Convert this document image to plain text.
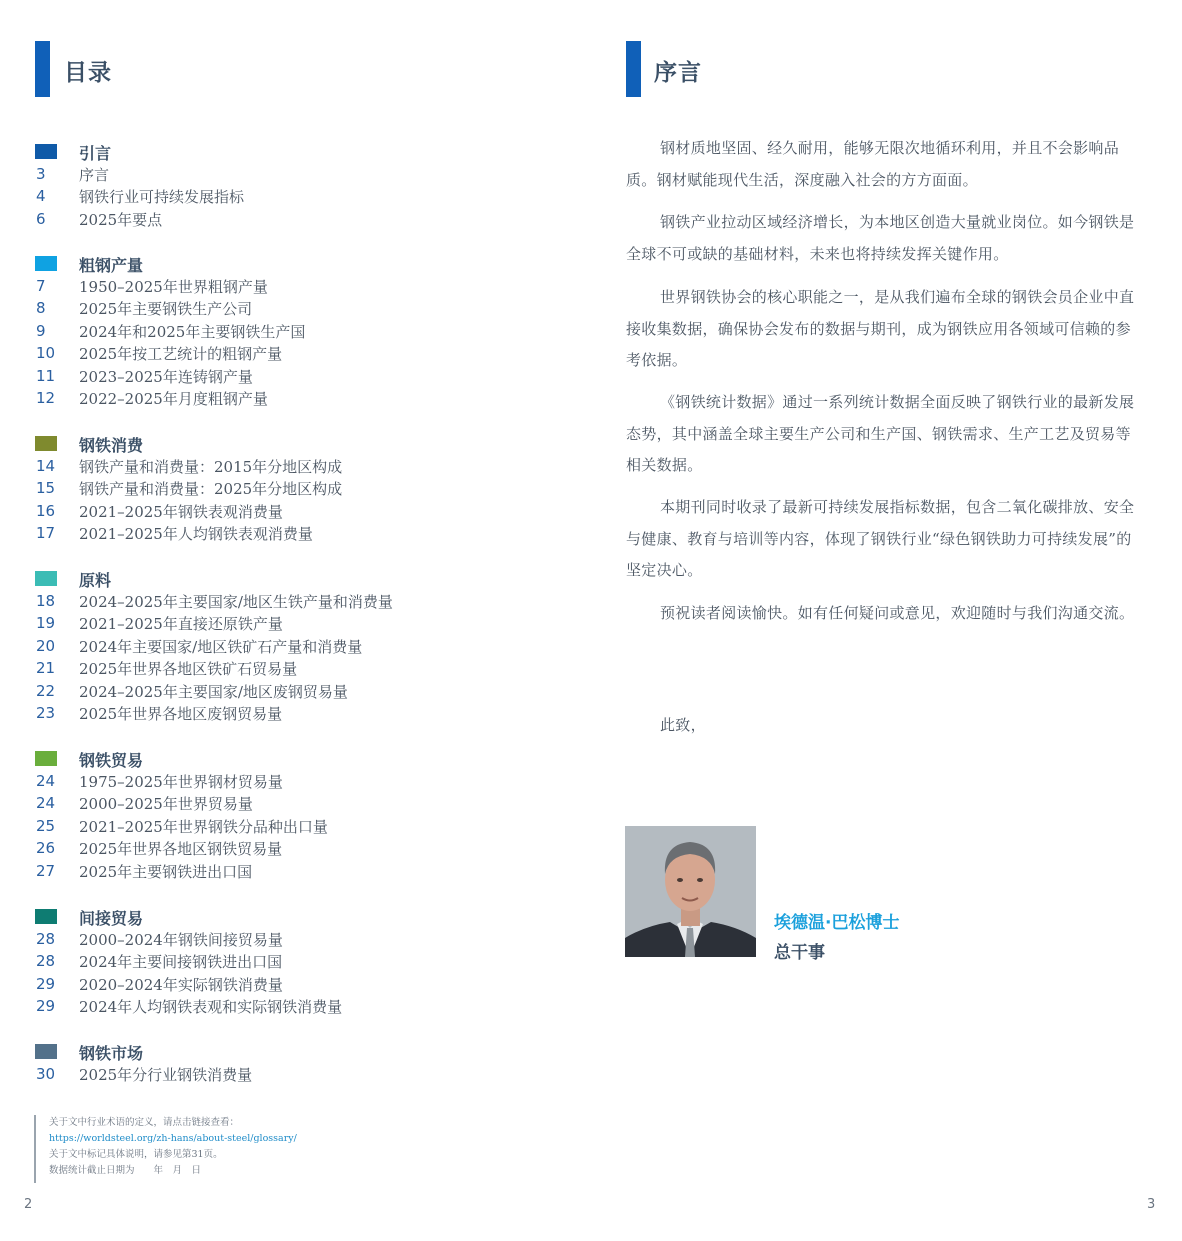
目录
引言
3 序言
4 钢铁行业可持续发展指标
6 2025年要点
粗钢产量
7 1950–2025年世界粗钢产量
8 2025年主要钢铁生产公司
9 2024年和2025年主要钢铁生产国
10 2025年按工艺统计的粗钢产量
11 2023–2025年连铸钢产量
12 2022–2025年月度粗钢产量
钢铁消费
14 钢铁产量和消费量：2015年分地区构成
15 钢铁产量和消费量：2025年分地区构成
16 2021–2025年钢铁表观消费量
17 2021–2025年人均钢铁表观消费量
原料
18 2024–2025年主要国家/地区生铁产量和消费量
19 2021–2025年直接还原铁产量
20 2024年主要国家/地区铁矿石产量和消费量
21 2025年世界各地区铁矿石贸易量
22 2024–2025年主要国家/地区废钢贸易量
23 2025年世界各地区废钢贸易量
钢铁贸易
24 1975–2025年世界钢材贸易量
24 2000–2025年世界贸易量
25 2021–2025年世界钢铁分品种出口量
26 2025年世界各地区钢铁贸易量
27 2025年主要钢铁进出口国
间接贸易
28 2000–2024年钢铁间接贸易量
28 2024年主要间接钢铁进出口国
29 2020–2024年实际钢铁消费量
29 2024年人均钢铁表观和实际钢铁消费量
钢铁市场
30 2025年分行业钢铁消费量
关于文中行业术语的定义，请点击链接查看：
https://worldsteel.org/zh-hans/about-steel/glossary/
关于文中标记具体说明，请参见第31页。
数据统计截止日期为　　年　月　日
2
序言

钢材质地坚固、经久耐用，能够无限次地循环利用，并且不会影响品质。钢材赋能现代生活，深度融入社会的方方面面。

钢铁产业拉动区域经济增长，为本地区创造大量就业岗位。如今钢铁是全球不可或缺的基础材料，未来也将持续发挥关键作用。

世界钢铁协会的核心职能之一，是从我们遍布全球的钢铁会员企业中直接收集数据，确保协会发布的数据与期刊，成为钢铁应用各领域可信赖的参考依据。

《钢铁统计数据》通过一系列统计数据全面反映了钢铁行业的最新发展态势，其中涵盖全球主要生产公司和生产国、钢铁需求、生产工艺及贸易等相关数据。

本期刊同时收录了最新可持续发展指标数据，包含二氧化碳排放、安全与健康、教育与培训等内容，体现了钢铁行业“绿色钢铁助力可持续发展”的坚定决心。

预祝读者阅读愉快。如有任何疑问或意见，欢迎随时与我们沟通交流。

此致，

埃德温·巴松博士
总干事
3
